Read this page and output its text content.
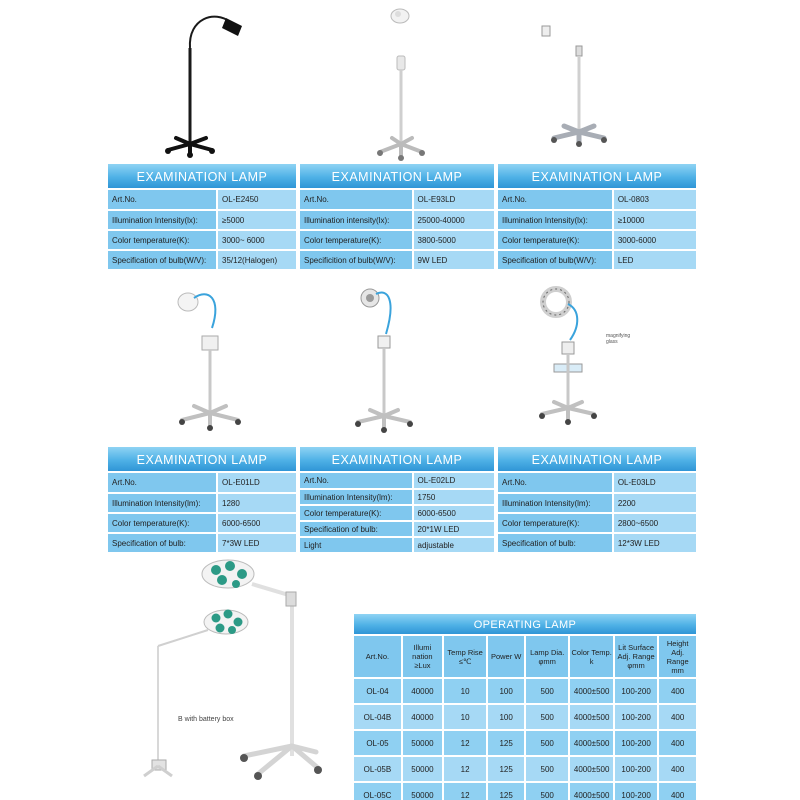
magnifying glass
B with battery box
EXAMINATION LAMP
Art.No.	OL-E2450
Illumination Intensity(lx):	≥5000
Color temperature(K):	3000~ 6000
Specification of bulb(W/V):	35/12(Halogen)
EXAMINATION LAMP
Art.No.	OL-E93LD
Illumination intensity(lx):	25000-40000
Color temperature(K):	3800-5000
Specificition of bulb(W/V):	9W LED
EXAMINATION LAMP
Art.No.	OL-0803
Illumination Intensity(lx):	≥10000
Color temperature(K):	3000-6000
Specification of bulb(W/V):	LED
EXAMINATION LAMP
Art.No.	OL-E01LD
Illumination Intensity(lm):	1280
Color temperature(K):	6000-6500
Specification of bulb:	7*3W LED
EXAMINATION LAMP
Art.No.	OL-E02LD
Illumination Intensity(lm):	1750
Color temperature(K):	6000-6500
Specification of bulb:	20*1W LED
Light	adjustable
EXAMINATION LAMP
Art.No.	OL-E03LD
Illumination Intensity(lm):	2200
Color temperature(K):	2800~6500
Specification of bulb:	12*3W LED
OPERATING LAMP
Art.No.	Illumi nation ≥Lux	Temp Rise ≤℃	Power W	Lamp Dia. φmm	Color Temp. k	Lit Surface Adj. Range φmm	Height Adj. Range mm
OL-04	40000	10	100	500	4000±500	100-200	400
OL-04B	40000	10	100	500	4000±500	100-200	400
OL-05	50000	12	125	500	4000±500	100-200	400
OL-05B	50000	12	125	500	4000±500	100-200	400
OL-05C	50000	12	125	500	4000±500	100-200	400
